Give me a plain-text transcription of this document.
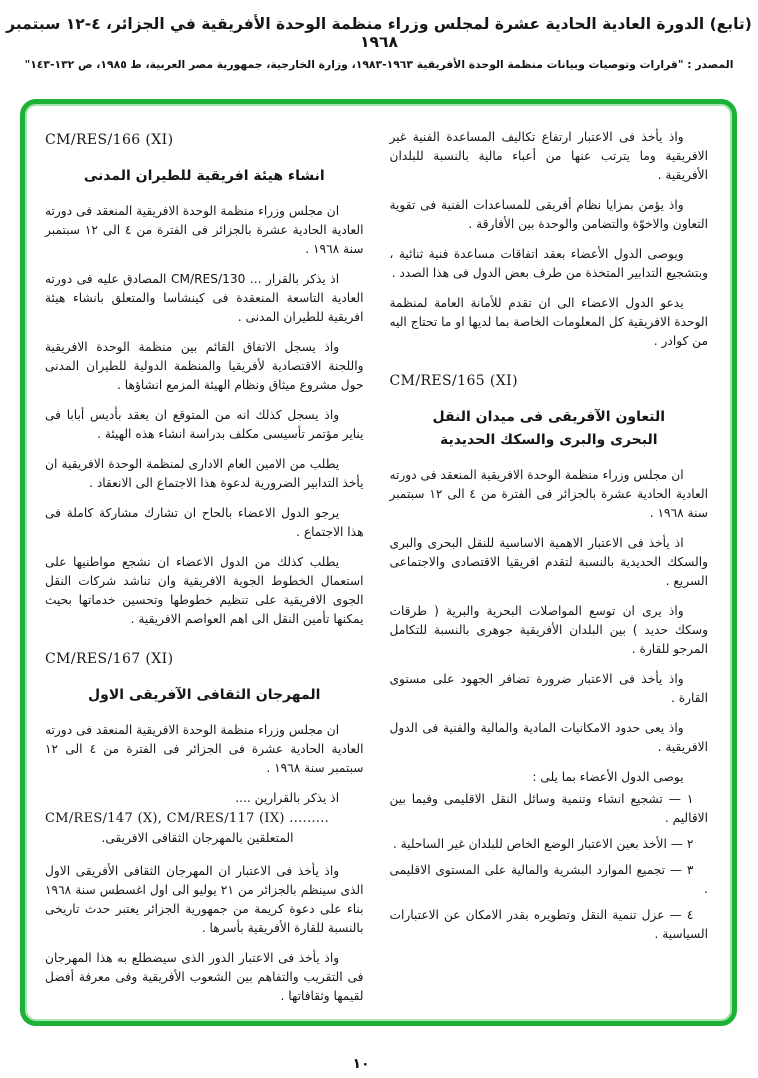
(تابع) الدورة العادية الحادية عشرة لمجلس وزراء منظمة الوحدة الأفريقية في الجزائر، ٤-١٢ سبتمبر ١٩٦٨
المصدر : "قرارات وتوصيات وبيانات منظمة الوحدة الأفريقية ١٩٦٣-١٩٨٣، وزارة الخارجية، جمهورية مصر العربية، ط ١٩٨٥، ص ١٣٢-١٤٣"

واذ يأخذ فى الاعتبار ارتفاع تكاليف المساعدة الفنية غير الافريقية وما يترتب عنها من أعباء مالية بالنسبة للبلدان الأفريقية .

واذ يؤمن بمزايا نظام أفريقى للمساعدات الفنية فى تقوية التعاون والاخوّة والتضامن والوحدة بين الأفارقة .

ويوصى الدول الأعضاء بعقد اتفاقات مساعدة فنية ثنائية ، وبتشجيع التدابير المتخذة من طرف بعض الدول فى هذا الصدد .

يدعو الدول الاعضاء الى ان تقدم للأمانة العامة لمنظمة الوحدة الافريقية كل المعلومات الخاصة بما لديها او ما تحتاج اليه من كوادر .

CM/RES/165 (XI)
التعاون الآفريقى فى ميدان النقل
البحرى والبرى والسكك الحديدية

ان مجلس وزراء منظمة الوحدة الافريقية المنعقد فى دورته العادية الحادية عشرة بالجزائر فى الفترة من ٤ الى ١٢ سبتمبر سنة ١٩٦٨ .

اذ يأخذ فى الاعتبار الاهمية الاساسية للنقل البحرى والبرى والسكك الحديدية بالنسبة لتقدم افريقيا الاقتصادى والاجتماعى السريع .

واذ يرى ان توسع المواصلات البحرية والبرية ( طرقات وسكك حديد ) بين البلدان الأفريقية جوهرى بالنسبة للتكامل المرجو للقارة .

واذ يأخذ فى الاعتبار ضرورة تضافر الجهود على مستوى القارة .

واذ يعى حدود الامكانيات المادية والمالية والفنية فى الدول الافريقية .

يوصى الدول الأعضاء بما يلى :

١ — تشجيع انشاء وتنمية وسائل النقل الاقليمى وفيما بين الاقاليم .

٢ — الأخذ بعين الاعتبار الوضع الخاص للبلدان غير الساحلية .

٣ — تجميع الموارد البشرية والمالية على المستوى الاقليمى .

٤ — عزل تنمية النقل وتطويره بقدر الامكان عن الاعتبارات السياسية .

CM/RES/166 (XI)
انشاء هيئة افريقية للطيران المدنى

ان مجلس وزراء منظمة الوحدة الافريقية المنعقد فى دورته العادية الحادية عشرة بالجزائر فى الفترة من ٤ الى ١٢ سبتمبر سنة ١٩٦٨ .

اذ يذكر بالقرار ... CM/RES/130 المصادق عليه فى دورته العادية التاسعة المنعقدة فى كينشاسا والمتعلق بانشاء هيئة افريقية للطيران المدنى .

واذ يسجل الاتفاق القائم بين منظمة الوحدة الافريقية واللجنة الاقتصادية لأفريقيا والمنظمة الدولية للطيران المدنى حول مشروع ميثاق ونظام الهيئة المزمع انشاؤها .

واذ يسجل كذلك انه من المتوقع ان يعقد بأديس أبابا فى يناير مؤتمر تأسيسى مكلف بدراسة انشاء هذه الهيئة .

يطلب من الامين العام الادارى لمنظمة الوحدة الافريقية ان يأخذ التدابير الضرورية لدعوة هذا الاجتماع الى الانعقاد .

يرجو الدول الاعضاء بالحاح ان تشارك مشاركة كاملة فى هذا الاجتماع .

يطلب كذلك من الدول الاعضاء ان تشجع مواطنيها على استعمال الخطوط الجوية الافريقية وان تناشد شركات النقل الجوى الافريقية على تنظيم خطوطها وتحسين خدماتها بحيث يمكنها تأمين النقل الى اهم العواصم الافريقية .

CM/RES/167 (XI)
المهرجان الثقافى الآفريقى الاول

ان مجلس وزراء منظمة الوحدة الافريقية المنعقد فى دورته العادية الحادية عشرة فى الجزائر فى الفترة من ٤ الى ١٢ سبتمبر سنة ١٩٦٨ .

اذ يذكر بالقرارين ....

CM/RES/147 (X), CM/RES/117 (IX) .........

المتعلقين بالمهرجان الثقافى الافريقى.

واذ يأخذ فى الاعتبار ان المهرجان الثقافى الأفريقى الاول الذى سينظم بالجزائر من ٢١ يوليو الى اول اغسطس سنة ١٩٦٨ بناء على دعوة كريمة من جمهورية الجزائر يعتبر حدث تاريخى بالنسبة للقارة الأفريقية بأسرها .

واذ يأخذ فى الاعتبار الدور الذى سيضطلع به هذا المهرجان فى التقريب والتفاهم بين الشعوب الأفريقية وفى معرفة أفضل لقيمها وثقافاتها .

١٠
